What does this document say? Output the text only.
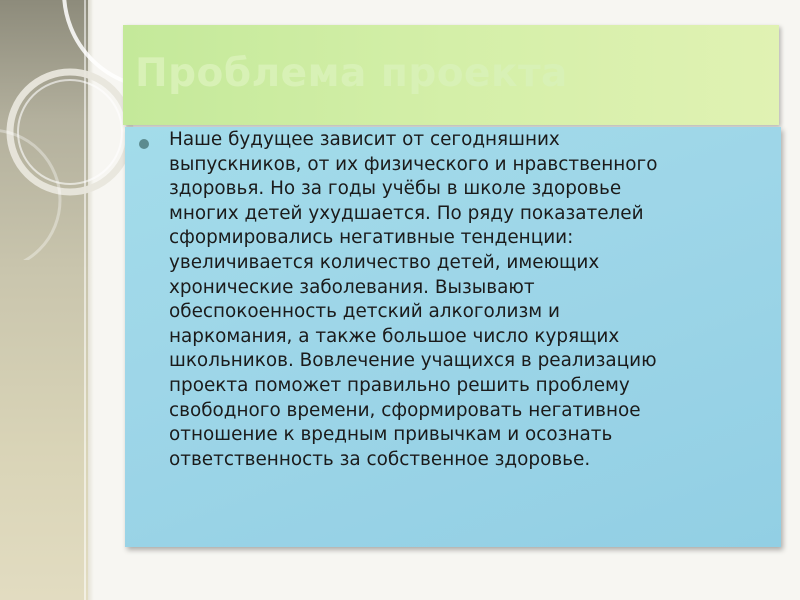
Проблема проекта

Наше будущее зависит от сегодняшних
выпускников, от их физического и нравственного
здоровья. Но за годы учёбы в школе здоровье
многих детей ухудшается. По ряду показателей
сформировались негативные тенденции:
увеличивается количество детей, имеющих
хронические заболевания. Вызывают
обеспокоенность детский алкоголизм и
наркомания, а также большое число курящих
школьников. Вовлечение учащихся в реализацию
проекта поможет правильно решить проблему
свободного времени, сформировать негативное
отношение к вредным привычкам и осознать
ответственность за собственное здоровье.
